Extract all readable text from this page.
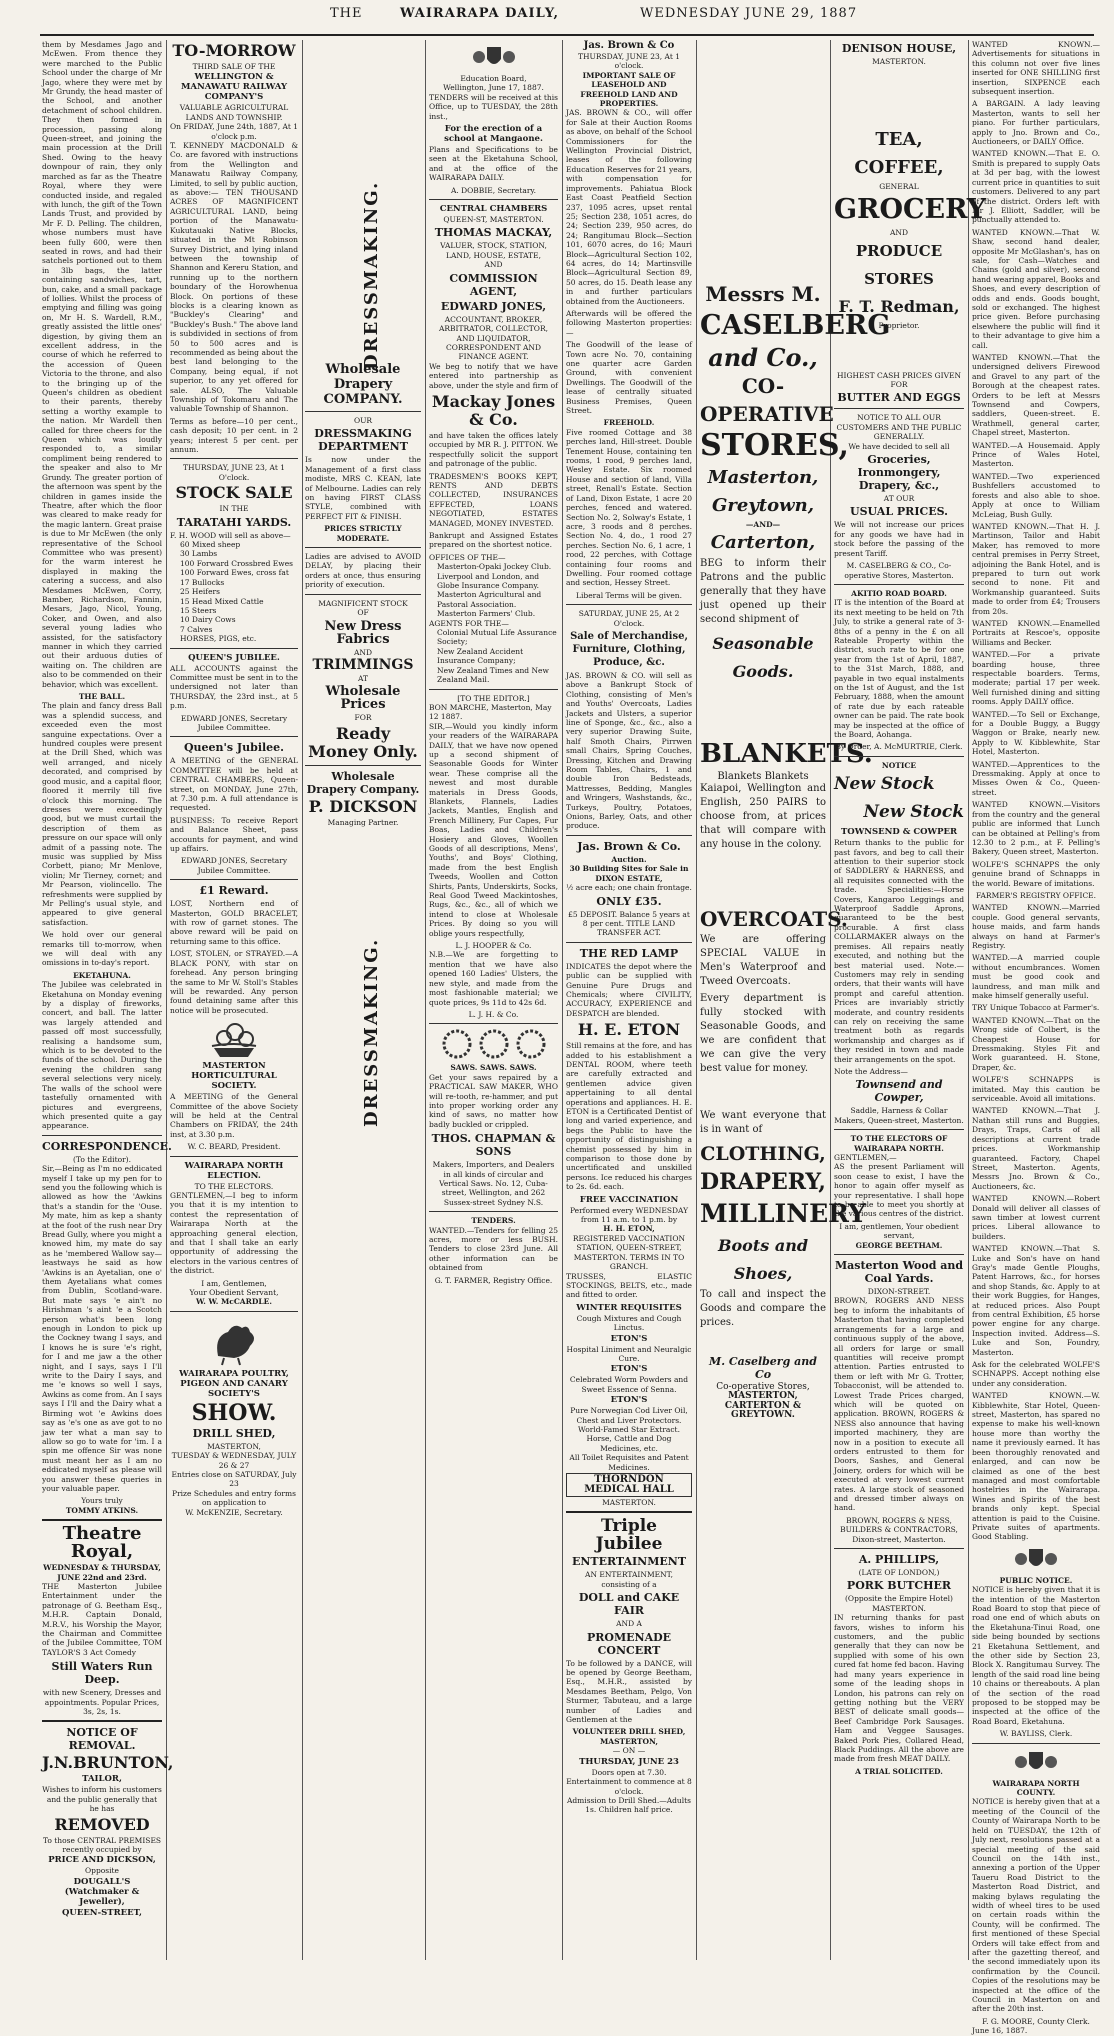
THE	WAIRARAPA DAILY,	WEDNESDAY JUNE 29, 1887

them by Mesdames Jago and McEwen. From thence they were marched to the Public School under the charge of Mr Jago, where they were met by Mr Grundy, the head master of the School, and another detachment of school children. They then formed in procession, passing along Queen-street, and joining the main procession at the Drill Shed. Owing to the heavy downpour of rain, they only marched as far as the Theatre Royal, where they were conducted inside, and regaled with lunch, the gift of the Town Lands Trust, and provided by Mr F. D. Pelling. The children, whose numbers must have been fully 600, were then seated in rows, and had their satchels portioned out to them in 3lb bags, the latter containing sandwiches, tart, bun, cake, and a small package of lollies. Whilst the process of emptying and filling was going on, Mr H. S. Wardell, R.M., greatly assisted the little ones' digestion, by giving them an excellent address, in the course of which he referred to the accession of Queen Victoria to the throne, and also to the bringing up of the Queen's children as obedient to their parents, thereby setting a worthy example to the nation. Mr Wardell then called for three cheers for the Queen which was loudly responded to, a similar compliment being rendered to the speaker and also to Mr Grundy. The greater portion of the afternoon was spent by the children in games inside the Theatre, after which the floor was cleared to make ready for the magic lantern. Great praise is due to Mr McEwen (the only representative of the School Committee who was present) for the warm interest he displayed in making the catering a success, and also Mesdames McEwen, Corry, Bamber, Richardson, Fannin, Mesars, Jago, Nicol, Young, Coker, and Owen, and also several young ladies who assisted, for the satisfactory manner in which they carried out their arduous duties of waiting on. The children are also to be commended on their behavior, which was excellent.

THE BALL.

The plain and fancy dress Ball was a splendid success, and exceeded even the most sanguine expectations. Over a hundred couples were present at the Drill Shed, which was well arranged, and nicely decorated, and comprised by good music, and a capital floor, floored it merrily till five o'clock this morning. The dresses were exceedingly good, but we must curtail the description of them as pressure on our space will only admit of a passing note. The music was supplied by Miss Corbett, piano; Mr Menlove, violin; Mr Tierney, cornet; and Mr Pearson, violincello. The refreshments were supplied by Mr Pelling's usual style, and appeared to give general satisfaction.

We hold over our general remarks till to-morrow, when we will deal with any omissions in to-day's report.

EKETAHUNA.

The Jubilee was celebrated in Eketahuna on Monday evening by a display of fireworks, concert, and ball. The latter was largely attended and passed off most successfully, realising a handsome sum, which is to be devoted to the funds of the school. During the evening the children sang several selections very nicely. The walls of the school were tastefully ornamented with pictures and evergreens, which presented quite a gay appearance.

CORRESPONDENCE.
(To the Editor).

Sir,—Being as I'm no eddicated myself I take up my pen for to send you the following which is allowed as how the 'Awkins that's a standin for the 'Ouse. My mate, him as kep a shanty at the foot of the rush near Dry Bread Gully, where you might a knowed him, my mate do say as he 'membered Wallow say—leastways he said as how 'Awkins is an Ayetalian, one o' them Ayetalians what comes from Dublin, Scotland-ware. But mate says 'e ain't no Hirishman 's aint 'e a Scotch person what's been long enough in London to pick up the Cockney twang I says, and I knows he is sure 'e's right, for I and me jaw a the other night, and I says, says I I'll write to the Dairy I says, and me 'e knows so well I says, Awkins as come from. An I says says I I'll and the Dairy what a Birming wot 'e Awkins does say as 'e's one as ave got to no jaw ter what a man say to allow so go to wate for 'im. I a spin me offence Sir was none must meant her as I am no eddicated myself as please will you answer these queries in your valuable paper.

Yours truly
TOMMY ATKINS.
Theatre Royal,
WEDNESDAY & THURSDAY, JUNE 22nd and 23rd.

THE Masterton Jubilee Entertainment under the patronage of G. Beetham Esq., M.H.R. Captain Donald, M.R.V., his Worship the Mayor, the Chairman and Committee of the Jubilee Committee, TOM TAYLOR'S 3 Act Comedy

Still Waters Run Deep.
with new Scenery, Dresses and appointments. Popular Prices, 3s, 2s, 1s.
NOTICE OF REMOVAL.
J.N.BRUNTON,
TAILOR,
Wishes to inform his customers and the public generally that he has
REMOVED
To those CENTRAL PREMISES recently occupied by
PRICE AND DICKSON,
Opposite
DOUGALL'S (Watchmaker & Jeweller),
QUEEN-STREET,
TO-MORROW
THIRD SALE OF THE
WELLINGTON & MANAWATU RAILWAY COMPANY'S
VALUABLE AGRICULTURAL LANDS AND TOWNSHIP.
On FRIDAY, June 24th, 1887, At 1 o'clock p.m.

T. KENNEDY MACDONALD & Co. are favored with instructions from the Wellington and Manawatu Railway Company, Limited, to sell by public auction, as above:— TEN THOUSAND ACRES OF MAGNIFICENT AGRICULTURAL LAND, being portion of the Manawatu-Kukutauaki Native Blocks, situated in the Mt Robinson Survey District, and lying inland between the township of Shannon and Kereru Station, and running up to the northern boundary of the Horowhenua Block. On portions of these blocks is a clearing known as "Buckley's Clearing" and "Buckley's Bush." The above land is subdivided in sections of from 50 to 500 acres and is recommended as being about the best land belonging to the Company, being equal, if not superior, to any yet offered for sale. ALSO, The Valuable Township of Tokomaru and The valuable Township of Shannon.

Terms as before—10 per cent., cash deposit; 10 per cent. in 2 years; interest 5 per cent. per annum.

THURSDAY, JUNE 23, At 1 O'clock.
STOCK SALE
IN THE
TARATAHI YARDS.
F. H. WOOD will sell as above—
60 Mixed sheep
30 Lambs
100 Forward Crossbred Ewes
100 Forward Ewes, cross fat
17 Bullocks
25 Heifers
15 Head Mixed Cattle
15 Steers
10 Dairy Cows
7 Calves
HORSES, PIGS, etc.
QUEEN'S JUBILEE.

ALL ACCOUNTS against the Committee must be sent in to the undersigned not later than THURSDAY, the 23rd inst., at 5 p.m.

EDWARD JONES, Secretary Jubilee Committee.
Queen's Jubilee.

A MEETING of the GENERAL COMMITTEE will be held at CENTRAL CHAMBERS, Queen-street, on MONDAY, June 27th, at 7.30 p.m. A full attendance is requested.

BUSINESS: To receive Report and Balance Sheet, pass accounts for payment, and wind up affairs.

EDWARD JONES, Secretary Jubilee Committee.
£1 Reward.

LOST, Northern end of Masterton, GOLD BRACELET, with row of garnet stones. The above reward will be paid on returning same to this office.

LOST, STOLEN, or STRAYED.—A BLACK PONY, with star on forehead. Any person bringing the same to Mr W. Stoll's Stables will be rewarded. Any person found detaining same after this notice will be prosecuted.

MASTERTON HORTICULTURAL SOCIETY.

A MEETING of the General Committee of the above Society will be held at the Central Chambers on FRIDAY, the 24th inst, at 3.30 p.m.

W. C. BEARD, President.
WAIRARAPA NORTH ELECTION.
TO THE ELECTORS.

GENTLEMEN,—I beg to inform you that it is my intention to contest the representation of Wairarapa North at the approaching general election, and that I shall take an early opportunity of addressing the electors in the various centres of the district.

I am, Gentlemen,
Your Obedient Servant,
W. W. McCARDLE.
WAIRARAPA POULTRY, PIGEON AND CANARY SOCIETY'S
SHOW.
DRILL SHED,
MASTERTON,
TUESDAY & WEDNESDAY, JULY 26 & 27
Entries close on SATURDAY, July 23
Prize Schedules and entry forms on application to
W. McKENZIE, Secretary.
DRESSMAKING.
Wholesale Drapery COMPANY.
OUR
DRESSMAKING DEPARTMENT

Is now under the Management of a first class modiste, MRS C. KEAN, late of Melbourne. Ladies can rely on having FIRST CLASS STYLE, combined with PERFECT FIT & FINISH.

PRICES STRICTLY MODERATE.

Ladies are advised to AVOID DELAY, by placing their orders at once, thus ensuring priority of execution.

MAGNIFICENT STOCK
OF
New Dress Fabrics
AND
TRIMMINGS
AT
Wholesale Prices
FOR
Ready Money Only.
Wholesale Drapery Company.
P. DICKSON
Managing Partner.
DRESSMAKING.
Education Board,
Wellington, June 17, 1887.

TENDERS will be received at this Office, up to TUESDAY, the 28th inst.,

For the erection of a school at Mangaone.

Plans and Specifications to be seen at the Eketahuna School, and at the office of the WAIRARAPA DAILY.

A. DOBBIE, Secretary.
CENTRAL CHAMBERS
QUEEN-ST, MASTERTON.
THOMAS MACKAY,
VALUER, STOCK, STATION, LAND, HOUSE, ESTATE,
AND
COMMISSION AGENT,
EDWARD JONES,
ACCOUNTANT, BROKER, ARBITRATOR, COLLECTOR, AND LIQUIDATOR, CORRESPONDENT AND FINANCE AGENT.

We beg to notify that we have entered into partnership as above, under the style and firm of

Mackay Jones & Co.

and have taken the offices lately occupied by MR R. J. PITTON. We respectfully solicit the support and patronage of the public.

TRADESMEN'S BOOKS KEPT, RENTS AND DEBTS COLLECTED, INSURANCES EFFECTED, LOANS NEGOTIATED, ESTATES MANAGED, MONEY INVESTED.

Bankrupt and Assigned Estates prepared on the shortest notice.

OFFICES OF THE—
Masterton-Opaki Jockey Club.
Liverpool and London, and Globe Insurance Company.
Masterton Agricultural and Pastoral Association.
Masterton Farmers' Club.
AGENTS FOR THE—
Colonial Mutual Life Assurance Society;
New Zealand Accident Insurance Company;
New Zealand Times and New Zealand Mail.
[TO THE EDITOR.]
BON MARCHE, Masterton, May 12 1887.

SIR,—Would you kindly inform your readers of the WAIRARAPA DAILY, that we have now opened up a second shipment of Seasonable Goods for Winter wear. These comprise all the newest and most durable materials in Dress Goods, Blankets, Flannels, Ladies Jackets, Mantles, English and French Millinery, Fur Capes, Fur Boas, Ladies and Children's Hosiery and Gloves, Woollen Goods of all descriptions, Mens', Youths', and Boys' Clothing, made from the best English Tweeds, Woollen and Cotton Shirts, Pants, Underskirts, Socks, Real Good Tweed Mackintoshes, Rugs, &c., &c., all of which we intend to close at Wholesale Prices. By doing so you will oblige yours respectfully,

L. J. HOOPER & Co.

N.B.—We are forgetting to mention that we have also opened 160 Ladies' Ulsters, the new style, and made from the most fashionable material; we quote prices, 9s 11d to 42s 6d.

L. J. H. & Co.
SAWS. SAWS. SAWS.

Get your saws repaired by a PRACTICAL SAW MAKER, WHO will re-tooth, re-hammer, and put into proper working order any kind of saws, no matter how badly buckled or crippled.

THOS. CHAPMAN & SONS
Makers, Importers, and Dealers in all kinds of circular and Vertical Saws. No. 12, Cuba-street, Wellington, and 262 Sussex-street Sydney N.S.
TENDERS.

WANTED.—Tenders for felling 25 acres, more or less BUSH. Tenders to close 23rd June. All other information can be obtained from

G. T. FARMER, Registry Office.
Jas. Brown & Co
THURSDAY, JUNE 23, At 1 o'clock.
IMPORTANT SALE OF LEASEHOLD AND FREEHOLD LAND AND PROPERTIES.

JAS. BROWN & CO., will offer for Sale at their Auction Rooms as above, on behalf of the School Commissioners for the Wellington Provincial District, leases of the following Education Reserves for 21 years, with compensation for improvements. Pahiatua Block East Coast Peatfield Section 237, 1095 acres, upset rental 25; Section 238, 1051 acres, do 24; Section 239, 950 acres, do 24; Rangitumau Block—Section 101, 6070 acres, do 16; Mauri Block—Agricultural Section 102, 64 acres, do 14; Martinsville Block—Agricultural Section 89, 50 acres, do 15. Death lease any in and further particulars obtained from the Auctioneers.

Afterwards will be offered the following Masterton properties:—

The Goodwill of the lease of Town acre No. 70, containing one quarter acre Garden Ground, with convenient Dwellings. The Goodwill of the lease of centrally situated Business Premises, Queen Street.

FREEHOLD.

Five roomed Cottage and 38 perches land, Hill-street. Double Tenement House, containing ten rooms, 1 rood, 9 perches land, Wesley Estate. Six roomed House and section of land, Villa street, Renall's Estate. Section of Land, Dixon Estate, 1 acre 20 perches, fenced and watered. Section No. 2, Solway's Estate, 1 acre, 3 roods and 8 perches. Section No. 4, do., 1 rood 27 perches. Section No. 6, 1 acre, 1 rood, 22 perches, with Cottage containing four rooms and Dwelling. Four roomed cottage and section, Hessey Street.

Liberal Terms will be given.
SATURDAY, JUNE 25, At 2 O'clock.
Sale of Merchandise, Furniture, Clothing, Produce, &c.

JAS. BROWN & CO. will sell as above a Bankrupt Stock of Clothing, consisting of Men's and Youths' Overcoats, Ladies Jackets and Ulsters, a superior line of Sponge, &c., &c., also a very superior Drawing Suite, half Smoth Chairs, Pirrwen small Chairs, Spring Couches, Dressing, Kitchen and Drawing Room Tables, Chairs, 1 and double Iron Bedsteads, Mattresses, Bedding, Mangles and Wringers, Washstands, &c., Turkeys, Poultry, Potatoes, Onions, Barley, Oats, and other produce.

Jas. Brown & Co.
Auction.
30 Building Sites for Sale in DIXON ESTATE,
½ acre each; one chain frontage.
ONLY £35.
£5 DEPOSIT. Balance 5 years at 8 per cent. TITLE LAND TRANSFER ACT.
THE RED LAMP

INDICATES the depot where the public can be supplied with Genuine Pure Drugs and Chemicals; where CIVILITY, ACCURACY, EXPERIENCE and DESPATCH are blended.

H. E. ETON

Still remains at the fore, and has added to his establishment a DENTAL ROOM, where teeth are carefully extracted and gentlemen advice given appertaining to all dental operations and appliances. H. E. ETON is a Certificated Dentist of long and varied experience, and begs the Public to have the opportunity of distinguishing a chemist possessed by him in comparison to those done by uncertificated and unskilled persons. Ice reduced his charges to 2s. 6d. each.

FREE VACCINATION
Performed every WEDNESDAY from 11 a.m. to 1 p.m. by
H. H. ETON,
REGISTERED VACCINATION STATION, QUEEN-STREET, MASTERTON. TERMS IN TO GRANCH.

TRUSSES, ELASTIC STOCKINGS, BELTS, etc., made and fitted to order.

WINTER REQUISITES
Cough Mixtures and Cough Linctus.
ETON'S
Hospital Liniment and Neuralgic Cure.
ETON'S
Celebrated Worm Powders and Sweet Essence of Senna.
ETON'S
Pure Norwegian Cod Liver Oil, Chest and Liver Protectors. World-Famed Star Extract. Horse, Cattle and Dog Medicines, etc.
All Toilet Requisites and Patent Medicines.
THORNDON MEDICAL HALL
MASTERTON.
Triple Jubilee
ENTERTAINMENT
AN ENTERTAINMENT, consisting of a
DOLL and CAKE FAIR
AND A
PROMENADE CONCERT

To be followed by a DANCE, will be opened by George Beetham, Esq., M.H.R., assisted by Mesdames Beetham, Pelgo, Von Sturmer, Tabuteau, and a large number of Ladies and Gentlemen at the

VOLUNTEER DRILL SHED, MASTERTON,
— ON —
THURSDAY, JUNE 23
Doors open at 7.30. Entertainment to commence at 8 o'clock.
Admission to Drill Shed.—Adults 1s. Children half price.
Messrs M.
CASELBERG
and Co.,
CO-OPERATIVE
STORES,
Masterton,
Greytown,
—AND—
Carterton,

BEG to inform their Patrons and the public generally that they have just opened up their second shipment of

Seasonable Goods.
BLANKETS.
Blankets Blankets

Kaiapoi, Wellington and English, 250 PAIRS to choose from, at prices that will compare with any house in the colony.

OVERCOATS.

We are offering SPECIAL VALUE in Men's Waterproof and Tweed Overcoats.

Every department is fully stocked with Seasonable Goods, and we are confident that we can give the very best value for money.

We want everyone that is in want of

CLOTHING,
DRAPERY,
MILLINERY
Boots and Shoes,

To call and inspect the Goods and compare the prices.

M. Caselberg and Co
Co-operative Stores,
MASTERTON, CARTERTON & GREYTOWN.
DENISON HOUSE,
MASTERTON.
TEA, COFFEE,
GENERAL
GROCERY
AND
PRODUCE STORES
F. T. Redman,
Proprietor.
HIGHEST CASH PRICES GIVEN FOR
BUTTER AND EGGS
NOTICE TO ALL OUR CUSTOMERS AND THE PUBLIC GENERALLY.
We have decided to sell all
Groceries, Ironmongery, Drapery, &c.,
AT OUR
USUAL PRICES.

We will not increase our prices for any goods we have had in stock before the passing of the present Tariff.

M. CASELBERG & CO., Co-operative Stores, Masterton.
AKITIO ROAD BOARD.

IT is the intention of the Board at its next meeting to be held on 7th July, to strike a general rate of 3-8ths of a penny in the £ on all Rateable Property within the district, such rate to be for one year from the 1st of April, 1887, to the 31st March, 1888, and payable in two equal instalments on the 1st of August, and the 1st February, 1888, when the amount of rate due by each rateable owner can be paid. The rate book may be inspected at the office of the Board, Aohanga.

By Order, A. McMURTRIE, Clerk.
NOTICE
New Stock
New Stock
TOWNSEND & COWPER

Return thanks to the public for past favors, and beg to call their attention to their superior stock of SADDLERY & HARNESS, and all requisites connected with the trade. Specialities:—Horse Covers, Kangaroo Leggings and Waterproof Saddle Aprons, guaranteed to be the best procurable. A first class COLLARMAKER always on the premises. All repairs neatly executed, and nothing but the best material used. Note.—Customers may rely in sending orders, that their wants will have prompt and careful attention. Prices are invariably strictly moderate, and country residents can rely on receiving the same treatment both as regards workmanship and charges as if they resided in town and made their arrangements on the spot.

Note the Address—
Townsend and Cowper,
Saddle, Harness & Collar Makers, Queen-street, Masterton.
TO THE ELECTORS OF WAIRARAPA NORTH.
GENTLEMEN,—

AS the present Parliament will soon cease to exist, I have the honor to again offer myself as your representative. I shall hope to be able to meet you shortly at the various centres of the district.

I am, gentlemen, Your obedient servant,
GEORGE BEETHAM.
Masterton Wood and Coal Yards.
DIXON-STREET.

BROWN, ROGERS AND NESS beg to inform the inhabitants of Masterton that having completed arrangements for a large and continuous supply of the above, all orders for large or small quantities will receive prompt attention. Parties entrusted to them or left with Mr G. Trotter, Tobacconist, will be attended to. Lowest Trade Prices charged, which will be quoted on application. BROWN, ROGERS & NESS also announce that having imported machinery, they are now in a position to execute all orders entrusted to them for Doors, Sashes, and General Joinery, orders for which will be executed at very lowest current rates. A large stock of seasoned and dressed timber always on hand.

BROWN, ROGERS & NESS, BUILDERS & CONTRACTORS, Dixon-street, Masterton.
A. PHILLIPS,
(LATE OF LONDON,)
PORK BUTCHER
(Opposite the Empire Hotel)
MASTERTON.

IN returning thanks for past favors, wishes to inform his customers, and the public generally that they can now be supplied with some of his own cured fat home fed bacon. Having had many years experience in some of the leading shops in London, his patrons can rely on getting nothing but the VERY BEST of delicate small goods— Beef Cambridge Pork Sausages. Ham and Veggee Sausages. Baked Pork Pies, Collared Head, Black Puddings. All the above are made from fresh MEAT DAILY.

A TRIAL SOLICITED.

WANTED KNOWN.—Advertisements for situations in this column not over five lines inserted for ONE SHILLING first insertion, SIXPENCE each subsequent insertion.

A BARGAIN. A lady leaving Masterton, wants to sell her piano. For further particulars, apply to Jno. Brown and Co., Auctioneers, or DAILY Office.

WANTED KNOWN.—That E. O. Smith is prepared to supply Oats at 3d per bag, with the lowest current price in quantities to suit customers. Delivered to any part of the district. Orders left with Mr J. Elliott, Saddler, will be punctually attended to.

WANTED KNOWN.—That W. Shaw, second hand dealer, opposite Mr McGlashan's, has on sale, for Cash—Watches and Chains (gold and silver), second hand wearing apparel, Books and Shoes, and every description of odds and ends. Goods bought, sold or exchanged. The highest price given. Before purchasing elsewhere the public will find it to their advantage to give him a call.

WANTED KNOWN.—That the undersigned delivers Firewood and Gravel to any part of the Borough at the cheapest rates. Orders to be left at Messrs Townsend and Cowpers, saddlers, Queen-street. E. Wrathmell, general carter, Chapel street, Masterton.

WANTED.—A Housemaid. Apply Prince of Wales Hotel, Masterton.

WANTED.—Two experienced Bushfellers accustomed to forests and also able to shoe. Apply at once to William McLeiag, Bush Gully.

WANTED KNOWN.—That H. J. Martinson, Tailor and Habit Maker, has removed to more central premises in Perry Street, adjoining the Bank Hotel, and is prepared to turn out work second to none. Fit and Workmanship guaranteed. Suits made to order from £4; Trousers from 20s.

WANTED KNOWN.—Enamelled Portraits at Rescoe's, opposite Williams and Becker.

WANTED.—For a private boarding house, three respectable boarders. Terms, moderate; partial 17 per week. Well furnished dining and sitting rooms. Apply DAILY office.

WANTED.—To Sell or Exchange, for a Double Buggy, a Buggy Waggon or Brake, nearly new. Apply to W. Kibblewhite, Star Hotel, Masterton.

WANTED.—Apprentices to the Dressmaking. Apply at once to Misses Owen & Co., Queen-street.

WANTED KNOWN.—Visitors from the country and the general public are informed that Lunch can be obtained at Pelling's from 12.30 to 2 p.m., at F. Pelling's Bakery, Queen street, Masterton.

WOLFE'S SCHNAPPS the only genuine brand of Schnapps in the world. Beware of imitations.

FARMER'S REGISTRY OFFICE.

WANTED KNOWN.—Married couple. Good general servants, house maids, and farm hands always on hand at Farmer's Registry.

WANTED.—A married couple without encumbrances. Women must be good cook and laundress, and man milk and make himself generally useful.

TRY Unique Tobacco at Farmer's.

WANTED KNOWN.—That on the Wrong side of Colbert, is the Cheapest House for Dressmaking. Styles Fit and Work guaranteed. H. Stone, Draper, &c.

WOLFE'S SCHNAPPS is imitated. May this caution be serviceable. Avoid all imitations.

WANTED KNOWN.—That J. Nathan still runs and Buggies, Drays, Traps, Carts of all descriptions at current trade prices. Workmanship guaranteed. Factory, Chapel Street, Masterton. Agents, Messrs Jno. Brown & Co., Auctioneers, &c.

WANTED KNOWN.—Robert Donald will deliver all classes of sawn timber at lowest current prices. Liberal allowance to builders.

WANTED KNOWN.—That S. Luke and Son's have on hand Gray's made Gentle Ploughs, Patent Harrows, &c., for horses and shop Stands, &c. Apply to at their work Buggies, for Hanges, at reduced prices. Also Poupt from central Exhibition, £5 horse power engine for any charge. Inspection invited. Address—S. Luke and Son, Foundry, Masterton.

Ask for the celebrated WOLFE'S SCHNAPPS. Accept nothing else under any consideration.

WANTED KNOWN.—W. Kibblewhite, Star Hotel, Queen-street, Masterton, has spared no expense to make his well-known house more than worthy the name it previously earned. It has been thoroughly renovated and enlarged, and can now be claimed as one of the best managed and most comfortable hostelries in the Wairarapa. Wines and Spirits of the best brands only kept. Special attention is paid to the Cuisine. Private suites of apartments. Good Stabling.

PUBLIC NOTICE.

NOTICE is hereby given that it is the intention of the Masterton Road Board to stop that piece of road one end of which abuts on the Eketahuna-Tinui Road, one side being bounded by sections 21 Eketahuna Settlement, and the other side by Section 23, Block X. Rangitumau Survey. The length of the said road line being 10 chains or thereabouts. A plan of the section of the road proposed to be stopped may be inspected at the office of the Road Board, Eketahuna.

W. BAYLISS, Clerk.
WAIRARAPA NORTH COUNTY.

NOTICE is hereby given that at a meeting of the Council of the County of Wairarapa North to be held on TUESDAY, the 12th of July next, resolutions passed at a special meeting of the said Council on the 14th inst., annexing a portion of the Upper Taueru Road District to the Masterton Road District, and making bylaws regulating the width of wheel tires to be used on certain roads within the County, will be confirmed. The first mentioned of these Special Orders will take effect from and after the gazetting thereof, and the second immediately upon its confirmation by the Council. Copies of the resolutions may be inspected at the office of the Council in Masterton on and after the 20th inst.

F. G. MOORE, County Clerk.
June 16, 1887.
